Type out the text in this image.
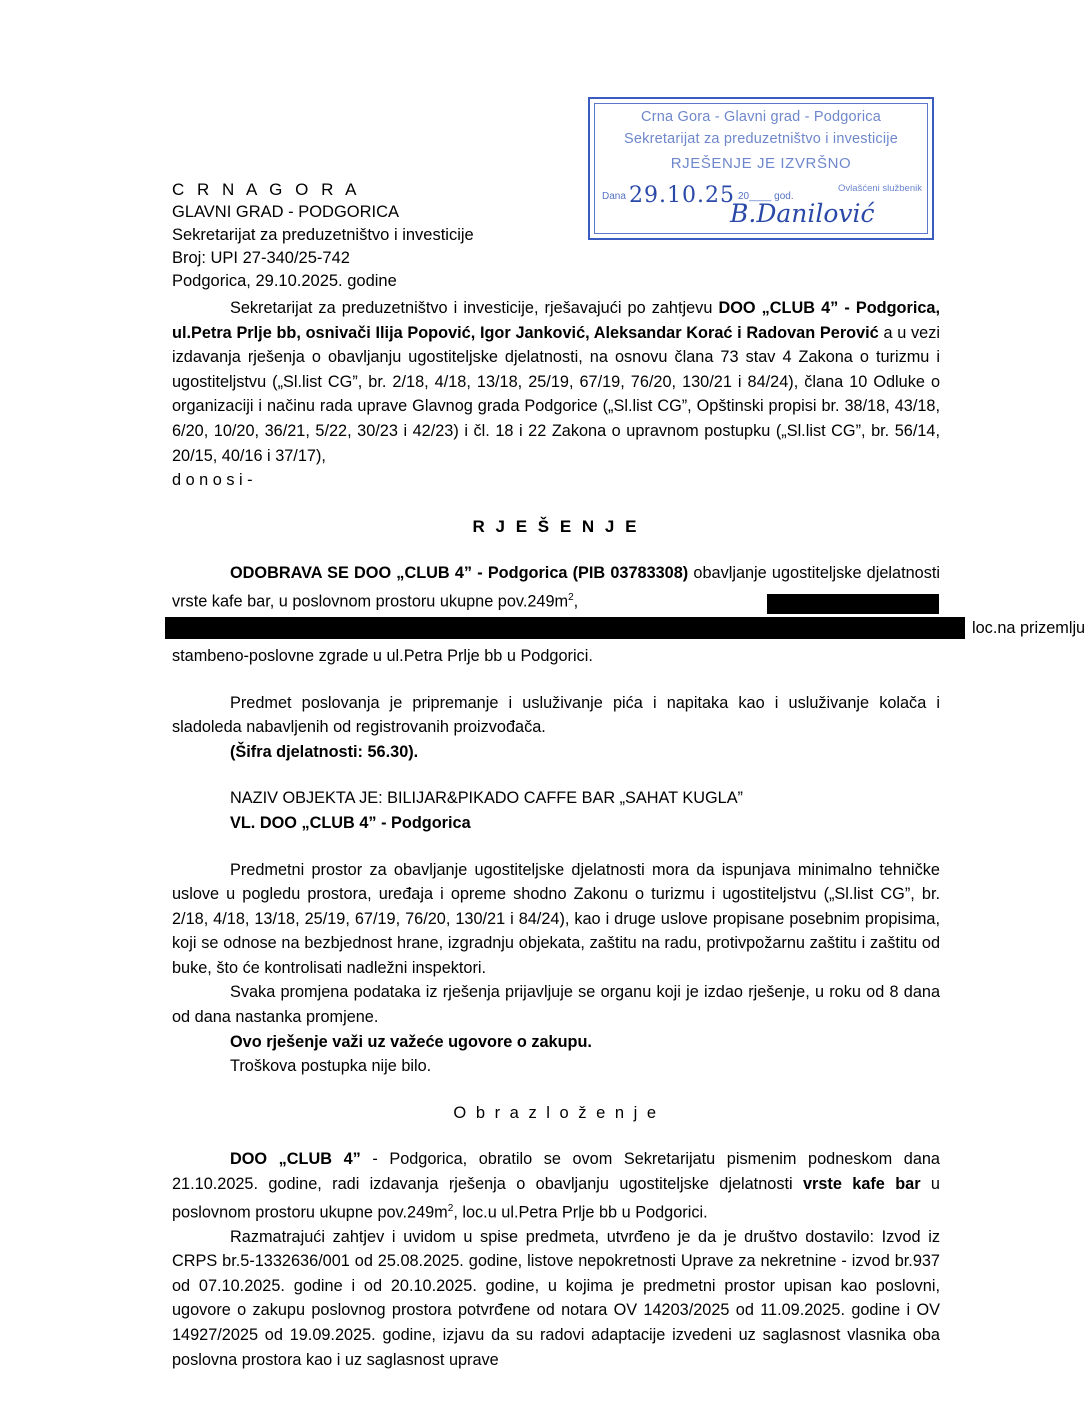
Crna Gora - Glavni grad - Podgorica
Sekretarijat za preduzetništvo i investicije
RJEŠENJE JE IZVRŠNO
Dana 29.10.25 20____ god.
Ovlašćeni službenik
B.Danilović
C R N A G O R A
GLAVNI GRAD - PODGORICA
Sekretarijat za preduzetništvo i investicije
Broj: UPI 27-340/25-742
Podgorica, 29.10.2025. godine

Sekretarijat za preduzetništvo i investicije, rješavajući po zahtjevu DOO „CLUB 4” - Podgorica, ul.Petra Prlje bb, osnivači Ilija Popović, Igor Janković, Aleksandar Korać i Radovan Perović a u vezi izdavanja rješenja o obavljanju ugostiteljske djelatnosti, na osnovu člana 73 stav 4 Zakona o turizmu i ugostiteljstvu („Sl.list CG”, br. 2/18, 4/18, 13/18, 25/19, 67/19, 76/20, 130/21 i 84/24), člana 10 Odluke o organizaciji i načinu rada uprave Glavnog grada Podgorice („Sl.list CG”, Opštinski propisi br. 38/18, 43/18, 6/20, 10/20, 36/21, 5/22, 30/23 i 42/23) i čl. 18 i 22 Zakona o upravnom postupku („Sl.list CG”, br. 56/14, 20/15, 40/16 i 37/17),

d o n o s i -

R J E Š E N J E

ODOBRAVA SE DOO „CLUB 4” - Podgorica (PIB 03783308) obavljanje ugostiteljske djelatnosti vrste kafe bar, u poslovnom prostoru ukupne $pov.249m^2$,

loc.na prizemlju

stambeno-poslovne zgrade u ul.Petra Prlje bb u Podgorici.

Predmet poslovanja je pripremanje i usluživanje pića i napitaka kao i usluživanje kolača i sladoleda nabavljenih od registrovanih proizvođača.

(Šifra djelatnosti: 56.30).

NAZIV OBJEKTA JE: BILIJAR&PIKADO CAFFE BAR „SAHAT KUGLA”

VL. DOO „CLUB 4” - Podgorica

Predmetni prostor za obavljanje ugostiteljske djelatnosti mora da ispunjava minimalno tehničke uslove u pogledu prostora, uređaja i opreme shodno Zakonu o turizmu i ugostiteljstvu („Sl.list CG”, br. 2/18, 4/18, 13/18, 25/19, 67/19, 76/20, 130/21 i 84/24), kao i druge uslove propisane posebnim propisima, koji se odnose na bezbjednost hrane, izgradnju objekata, zaštitu na radu, protivpožarnu zaštitu i zaštitu od buke, što će kontrolisati nadležni inspektori.

Svaka promjena podataka iz rješenja prijavljuje se organu koji je izdao rješenje, u roku od 8 dana od dana nastanka promjene.

Ovo rješenje važi uz važeće ugovore o zakupu.

Troškova postupka nije bilo.

O b r a z l o ž e n j e

DOO „CLUB 4” - Podgorica, obratilo se ovom Sekretarijatu pismenim podneskom dana 21.10.2025. godine, radi izdavanja rješenja o obavljanju ugostiteljske djelatnosti vrste kafe bar u poslovnom prostoru ukupne $pov.249m^2$, loc.u ul.Petra Prlje bb u Podgorici.

Razmatrajući zahtjev i uvidom u spise predmeta, utvrđeno je da je društvo dostavilo: Izvod iz CRPS br.5-1332636/001 od 25.08.2025. godine, listove nepokretnosti Uprave za nekretnine - izvod br.937 od 07.10.2025. godine i od 20.10.2025. godine, u kojima je predmetni prostor upisan kao poslovni, ugovore o zakupu poslovnog prostora potvrđene od notara OV 14203/2025 od 11.09.2025. godine i OV 14927/2025 od 19.09.2025. godine, izjavu da su radovi adaptacije izvedeni uz saglasnost vlasnika oba poslovna prostora kao i uz saglasnost uprave
